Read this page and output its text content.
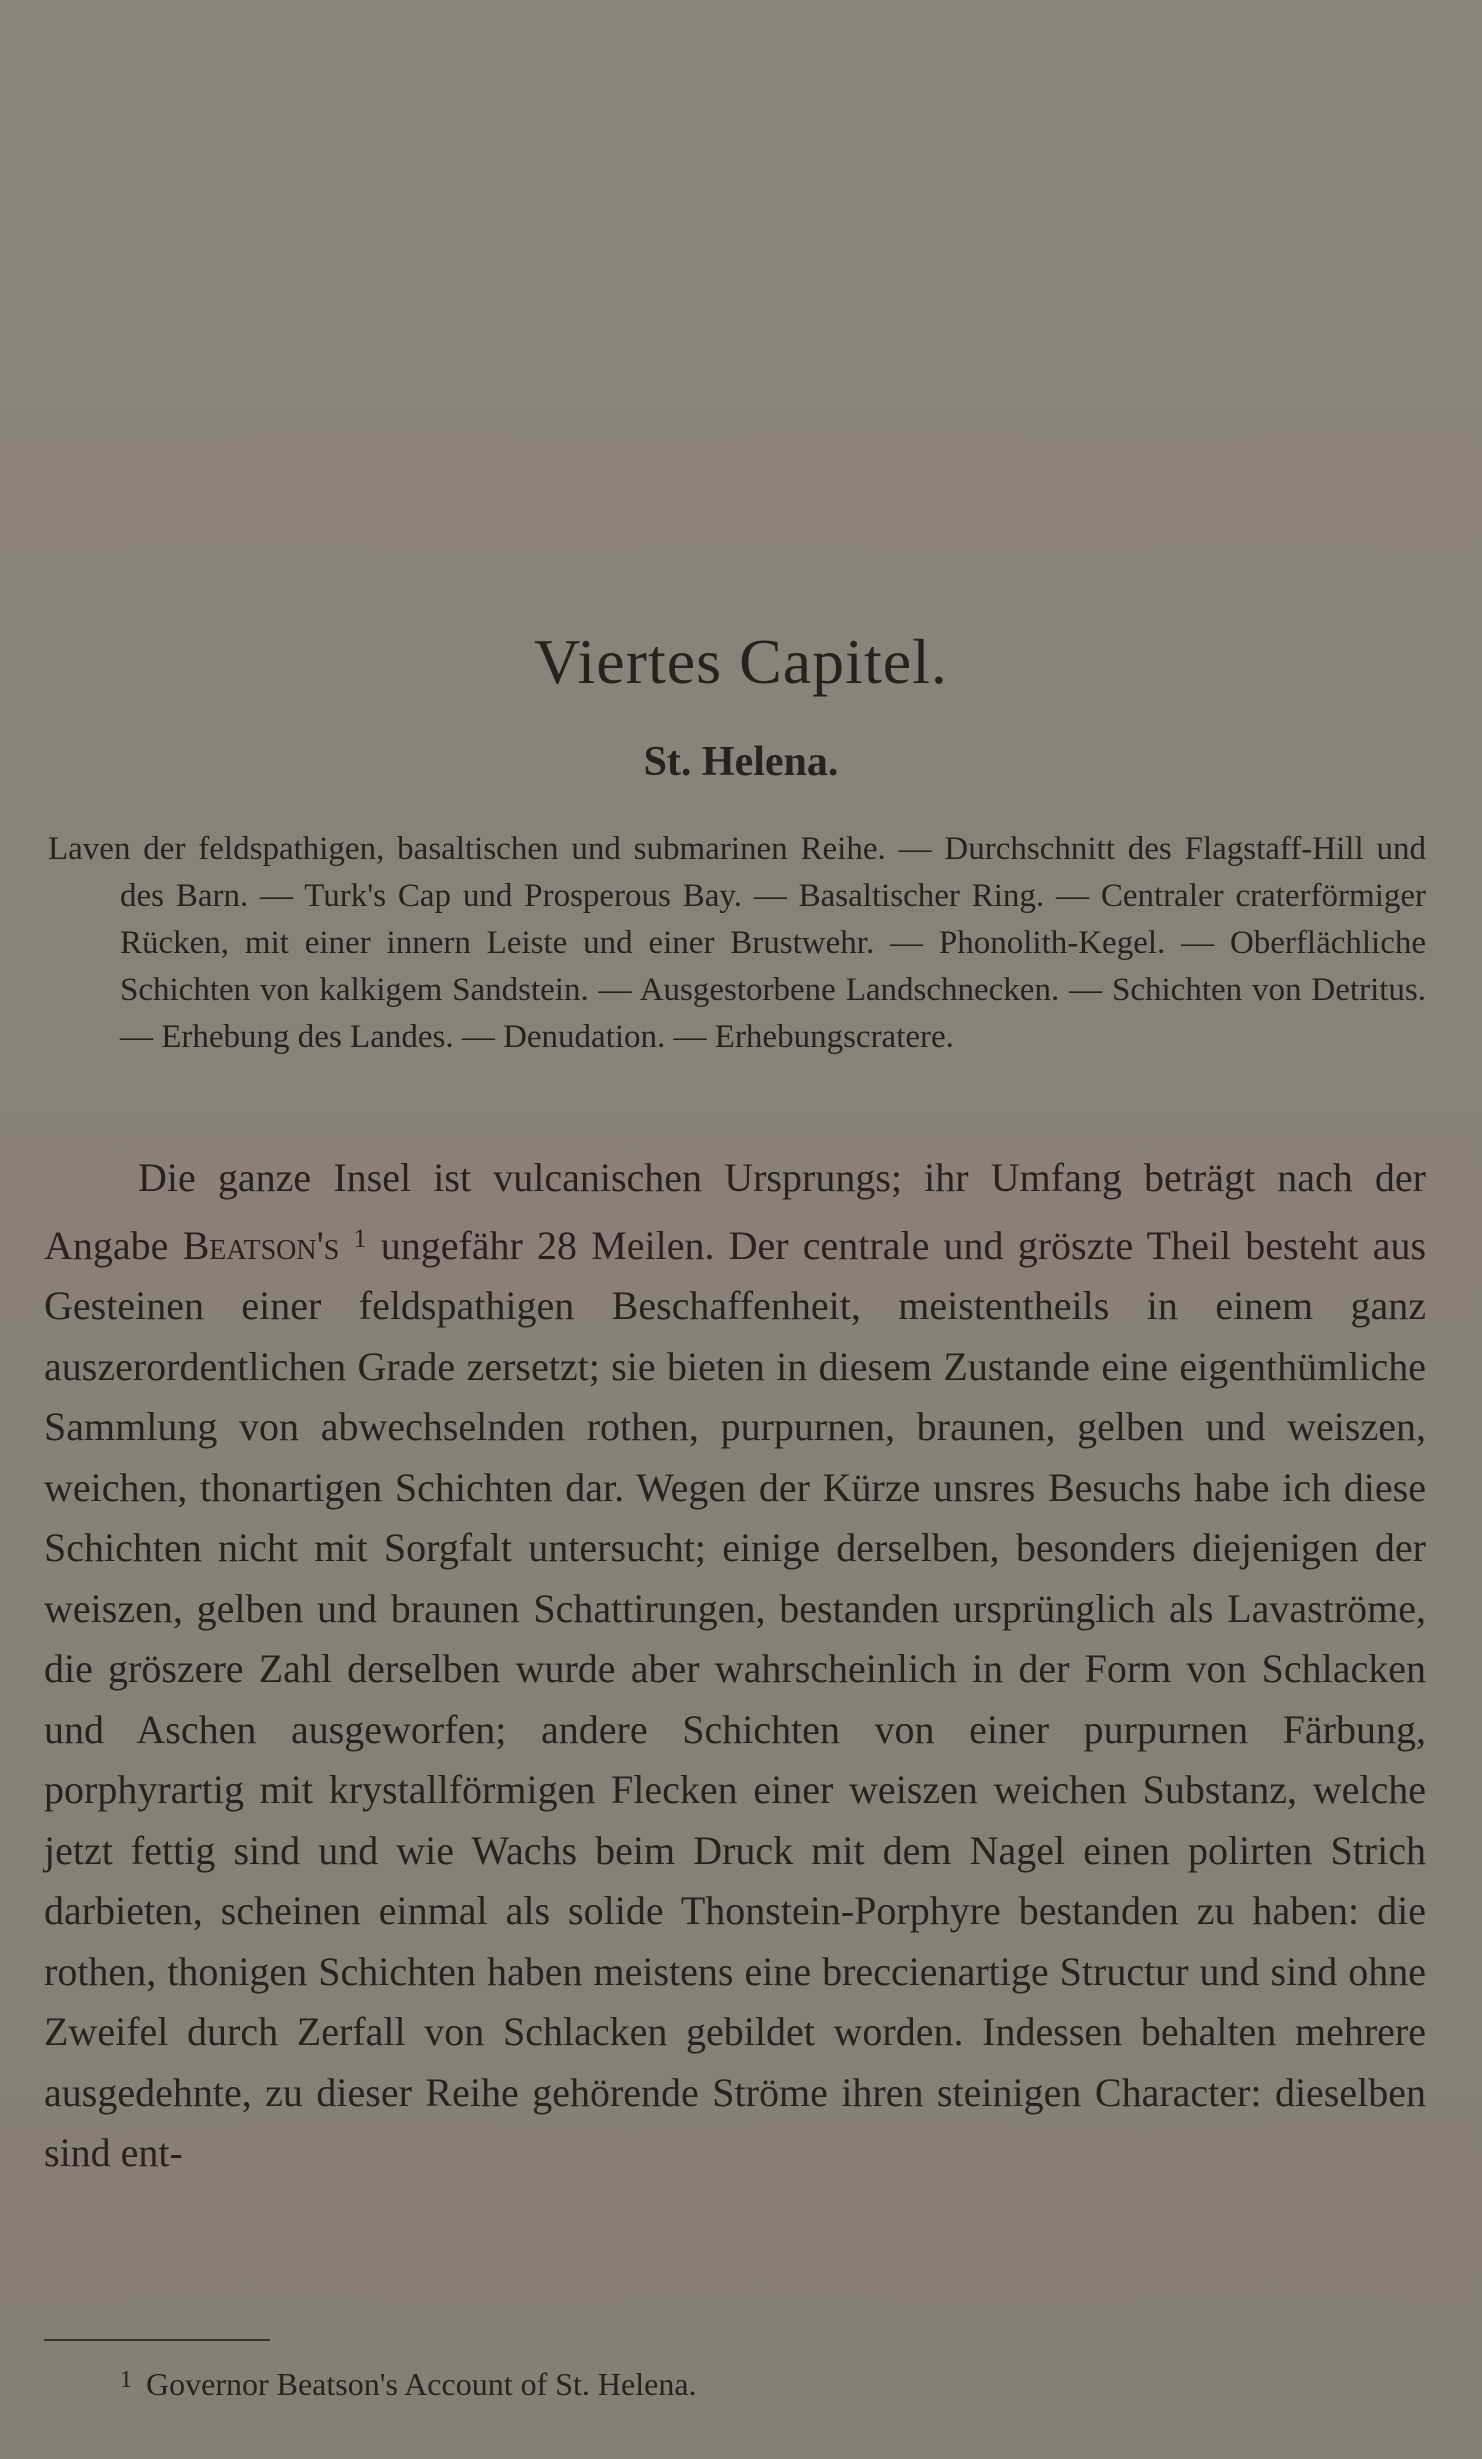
Viertes Capitel.
St. Helena.
Laven der feldspathigen, basaltischen und submarinen Reihe. — Durchschnitt des Flagstaff-Hill und des Barn. — Turk's Cap und Prosperous Bay. — Basaltischer Ring. — Centraler craterförmiger Rücken, mit einer innern Leiste und einer Brustwehr. — Phonolith-Kegel. — Oberflächliche Schichten von kalkigem Sandstein. — Ausgestorbene Landschnecken. — Schichten von Detritus. — Erhebung des Landes. — Denudation. — Erhebungscratere.

Die ganze Insel ist vulcanischen Ursprungs; ihr Umfang beträgt nach der Angabe Beatson's $^1$ ungefähr 28 Meilen. Der centrale und gröszte Theil besteht aus Gesteinen einer feldspathigen Beschaffenheit, meistentheils in einem ganz auszerordentlichen Grade zersetzt; sie bieten in diesem Zustande eine eigenthümliche Sammlung von abwechselnden rothen, purpurnen, braunen, gelben und weiszen, weichen, thonartigen Schichten dar. Wegen der Kürze unsres Besuchs habe ich diese Schichten nicht mit Sorgfalt untersucht; einige derselben, besonders diejenigen der weiszen, gelben und braunen Schattirungen, bestanden ursprünglich als Lavaströme, die gröszere Zahl derselben wurde aber wahrscheinlich in der Form von Schlacken und Aschen ausgeworfen; andere Schichten von einer purpurnen Färbung, porphyrartig mit krystallförmigen Flecken einer weiszen weichen Substanz, welche jetzt fettig sind und wie Wachs beim Druck mit dem Nagel einen polirten Strich darbieten, scheinen einmal als solide Thonstein-Porphyre bestanden zu haben: die rothen, thonigen Schichten haben meistens eine breccienartige Structur und sind ohne Zweifel durch Zerfall von Schlacken gebildet worden. Indessen behalten mehrere ausgedehnte, zu dieser Reihe gehörende Ströme ihren steinigen Character: dieselben sind ent-

$^1$ Governor Beatson's Account of St. Helena.
